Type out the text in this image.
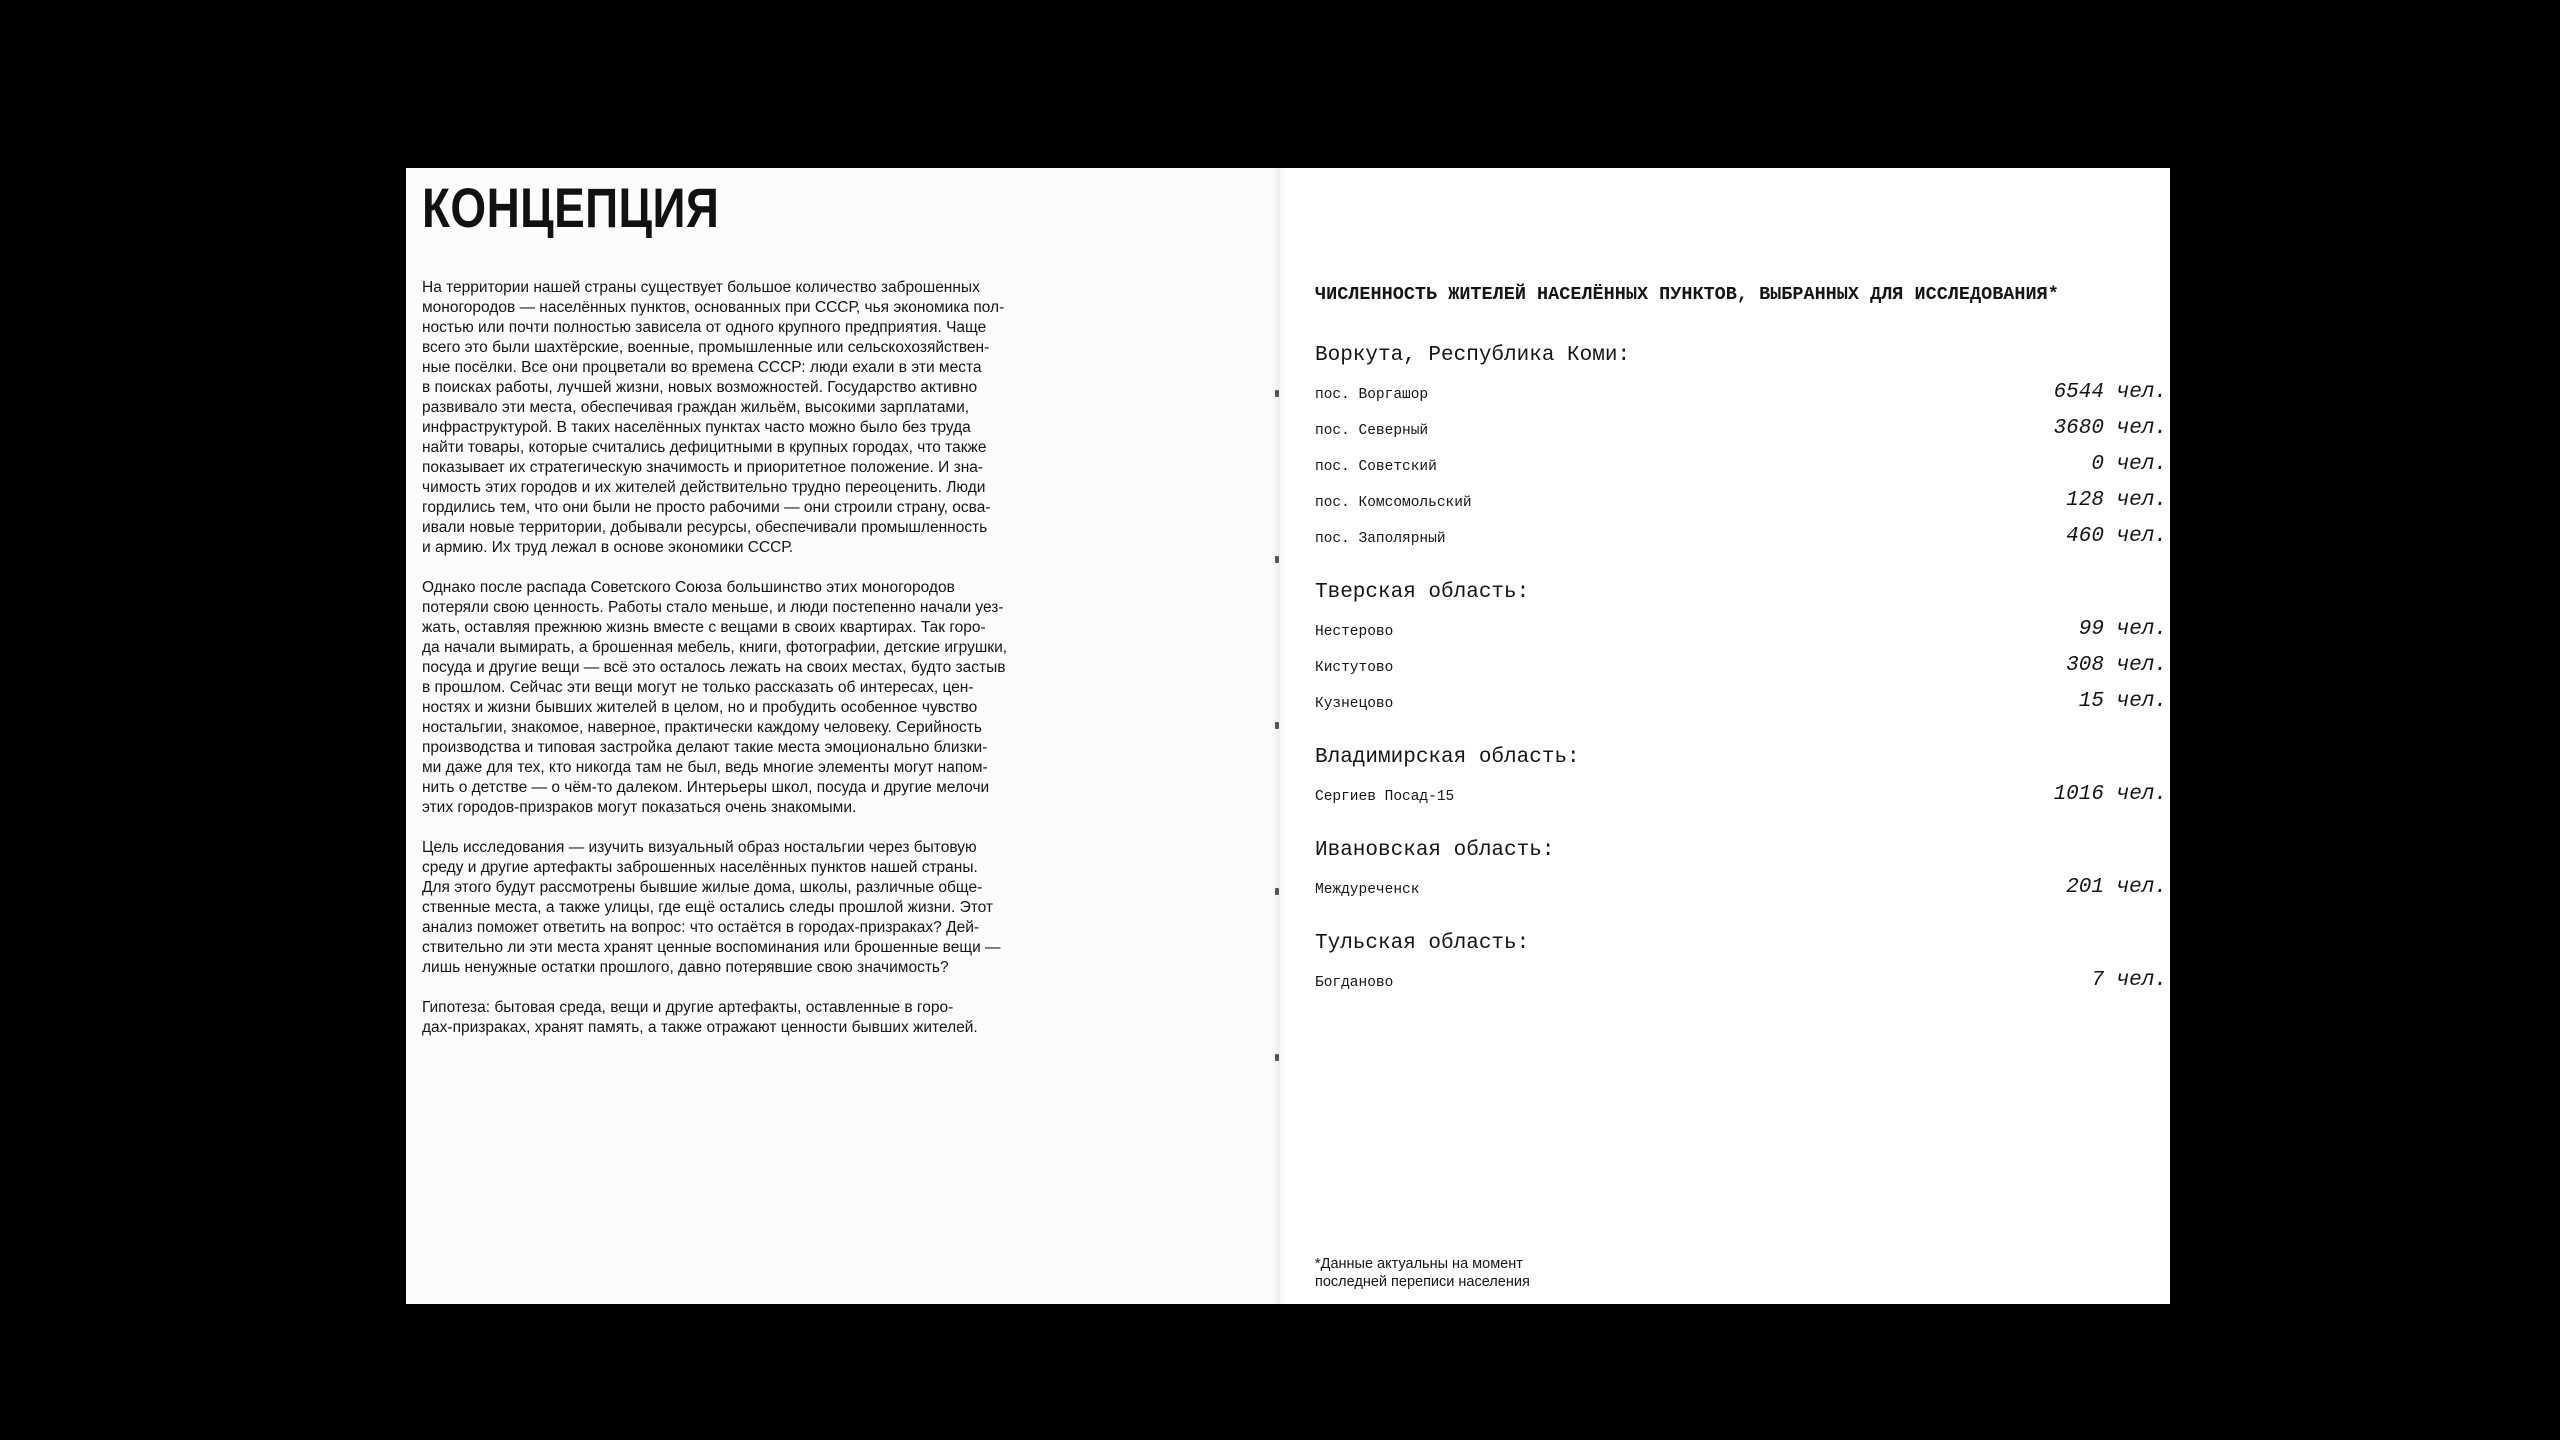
КОНЦЕПЦИЯ

На территории нашей страны существует большое количество заброшенных
моногородов — населённых пунктов, основанных при СССР, чья экономика пол-
ностью или почти полностью зависела от одного крупного предприятия. Чаще
всего это были шахтёрские, военные, промышленные или сельскохозяйствен-
ные посёлки. Все они процветали во времена СССР: люди ехали в эти места
в поисках работы, лучшей жизни, новых возможностей. Государство активно
развивало эти места, обеспечивая граждан жильём, высокими зарплатами,
инфраструктурой. В таких населённых пунктах часто можно было без труда
найти товары, которые считались дефицитными в крупных городах, что также
показывает их стратегическую значимость и приоритетное положение. И зна-
чимость этих городов и их жителей действительно трудно переоценить. Люди
гордились тем, что они были не просто рабочими — они строили страну, осва-
ивали новые территории, добывали ресурсы, обеспечивали промышленность
и армию. Их труд лежал в основе экономики СССР.

Однако после распада Советского Союза большинство этих моногородов
потеряли свою ценность. Работы стало меньше, и люди постепенно начали уез-
жать, оставляя прежнюю жизнь вместе с вещами в своих квартирах. Так горо-
да начали вымирать, а брошенная мебель, книги, фотографии, детские игрушки,
посуда и другие вещи — всё это осталось лежать на своих местах, будто застыв
в прошлом. Сейчас эти вещи могут не только рассказать об интересах, цен-
ностях и жизни бывших жителей в целом, но и пробудить особенное чувство
ностальгии, знакомое, наверное, практически каждому человеку. Серийность
производства и типовая застройка делают такие места эмоционально близки-
ми даже для тех, кто никогда там не был, ведь многие элементы могут напом-
нить о детстве — о чём-то далеком. Интерьеры школ, посуда и другие мелочи
этих городов-призраков могут показаться очень знакомыми.

Цель исследования — изучить визуальный образ ностальгии через бытовую
среду и другие артефакты заброшенных населённых пунктов нашей страны.
Для этого будут рассмотрены бывшие жилые дома, школы, различные обще-
ственные места, а также улицы, где ещё остались следы прошлой жизни. Этот
анализ поможет ответить на вопрос: что остаётся в городах-призраках? Дей-
ствительно ли эти места хранят ценные воспоминания или брошенные вещи —
лишь ненужные остатки прошлого, давно потерявшие свою значимость?

Гипотеза: бытовая среда, вещи и другие артефакты, оставленные в горо-
дах-призраках, хранят память, а также отражают ценности бывших жителей.

ЧИСЛЕННОСТЬ ЖИТЕЛЕЙ НАСЕЛЁННЫХ ПУНКТОВ, ВЫБРАННЫХ ДЛЯ ИССЛЕДОВАНИЯ*
Воркута, Республика Коми:
пос. Воргашор	6544 чел.
пос. Северный	3680 чел.
пос. Советский	0 чел.
пос. Комсомольский	128 чел.
пос. Заполярный	460 чел.
Тверская область:
Нестерово	99 чел.
Кистутово	308 чел.
Кузнецово	15 чел.
Владимирская область:
Сергиев Посад-15	1016 чел.
Ивановская область:
Междуреченск	201 чел.
Тульская область:
Богданово	7 чел.
*Данные актуальны на момент
последней переписи населения
